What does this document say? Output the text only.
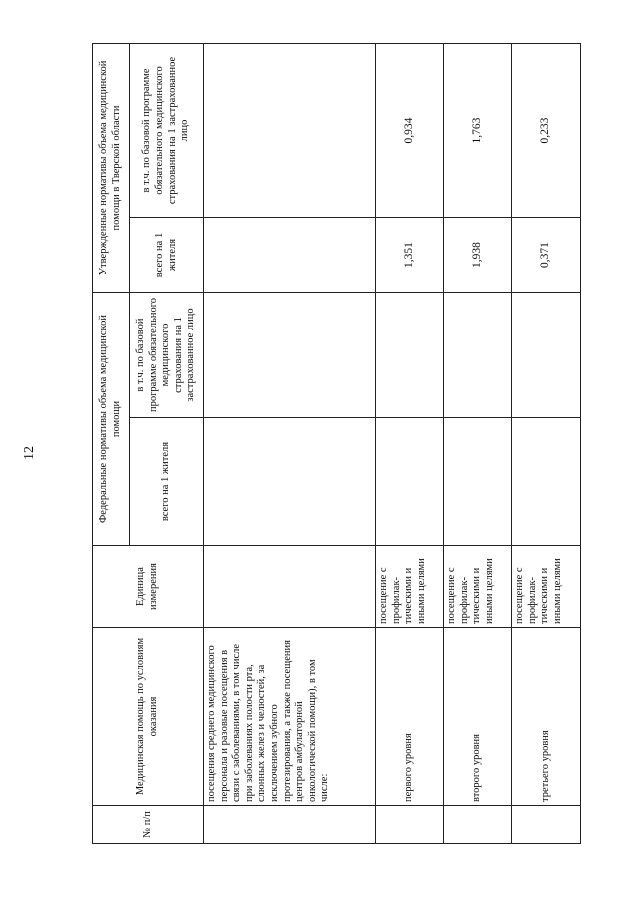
12
№ п/п	Медицинская помощь по условиям оказания	Единица измерения	Федеральные нормативы объема медицинской помощи		Утвержденные нормативы объема медицинской помощи в Тверской области	
			всего на 1 жителя	в т.ч. по базовой программе обязательного медицинского страхования на 1 застрахованное лицо	всего на 1 жителя	в т.ч. по базовой программе обязательного медицинского страхования на 1 застрахованное лицо
	посещения среднего медицинского персонала и разовые посещения в связи с заболеваниями, в том числе при заболеваниях полости рта, слюнных желез и челюстей, за исключением зубного протезирования, а также посещения центров амбулаторной онкологической помощи), в том числе:					
	первого уровня	посещение с профилак- тическими и иными целями			1,351	0,934
	второго уровня	посещение с профилак- тическими и иными целями			1,938	1,763
	третьего уровня	посещение с профилак- тическими и иными целями			0,371	0,233
